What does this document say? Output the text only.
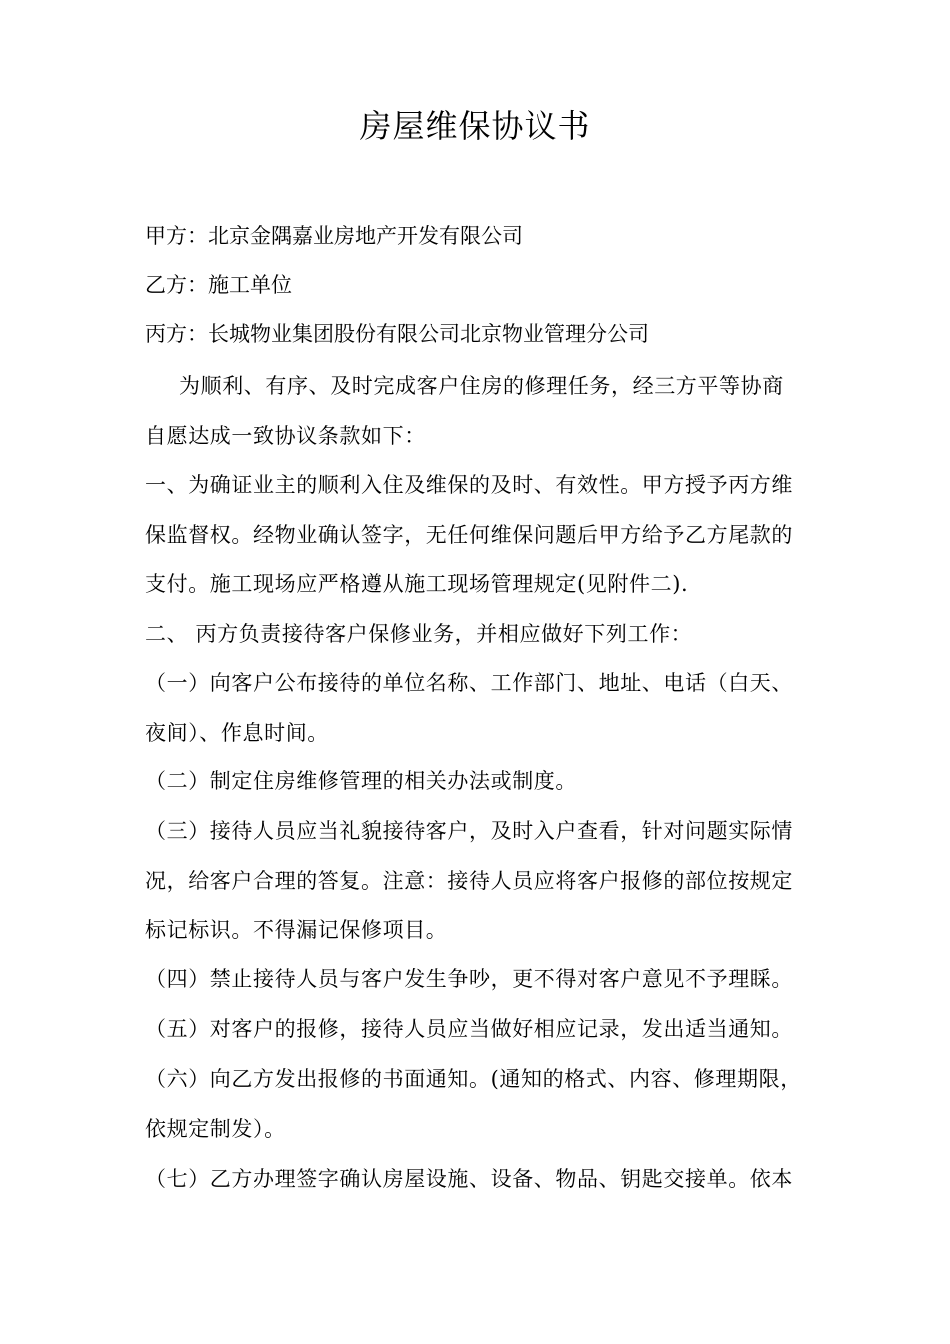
房屋维保协议书
甲方：北京金隅嘉业房地产开发有限公司
乙方：施工单位
丙方：长城物业集团股份有限公司北京物业管理分公司
为顺利、有序、及时完成客户住房的修理任务，经三方平等协商
自愿达成一致协议条款如下：
一、为确证业主的顺利入住及维保的及时、有效性。甲方授予丙方维
保监督权。经物业确认签字，无任何维保问题后甲方给予乙方尾款的
支付。施工现场应严格遵从施工现场管理规定(见附件二).
二、 丙方负责接待客户保修业务，并相应做好下列工作：
（一）向客户公布接待的单位名称、工作部门、地址、电话（白天、
夜间）、作息时间。
（二）制定住房维修管理的相关办法或制度。
（三）接待人员应当礼貌接待客户，及时入户查看，针对问题实际情
况，给客户合理的答复。注意：接待人员应将客户报修的部位按规定
标记标识。不得漏记保修项目。
（四）禁止接待人员与客户发生争吵，更不得对客户意见不予理睬。
（五）对客户的报修，接待人员应当做好相应记录，发出适当通知。
（六）向乙方发出报修的书面通知。(通知的格式、内容、修理期限，
依规定制发）。
（七）乙方办理签字确认房屋设施、设备、物品、钥匙交接单。依本
